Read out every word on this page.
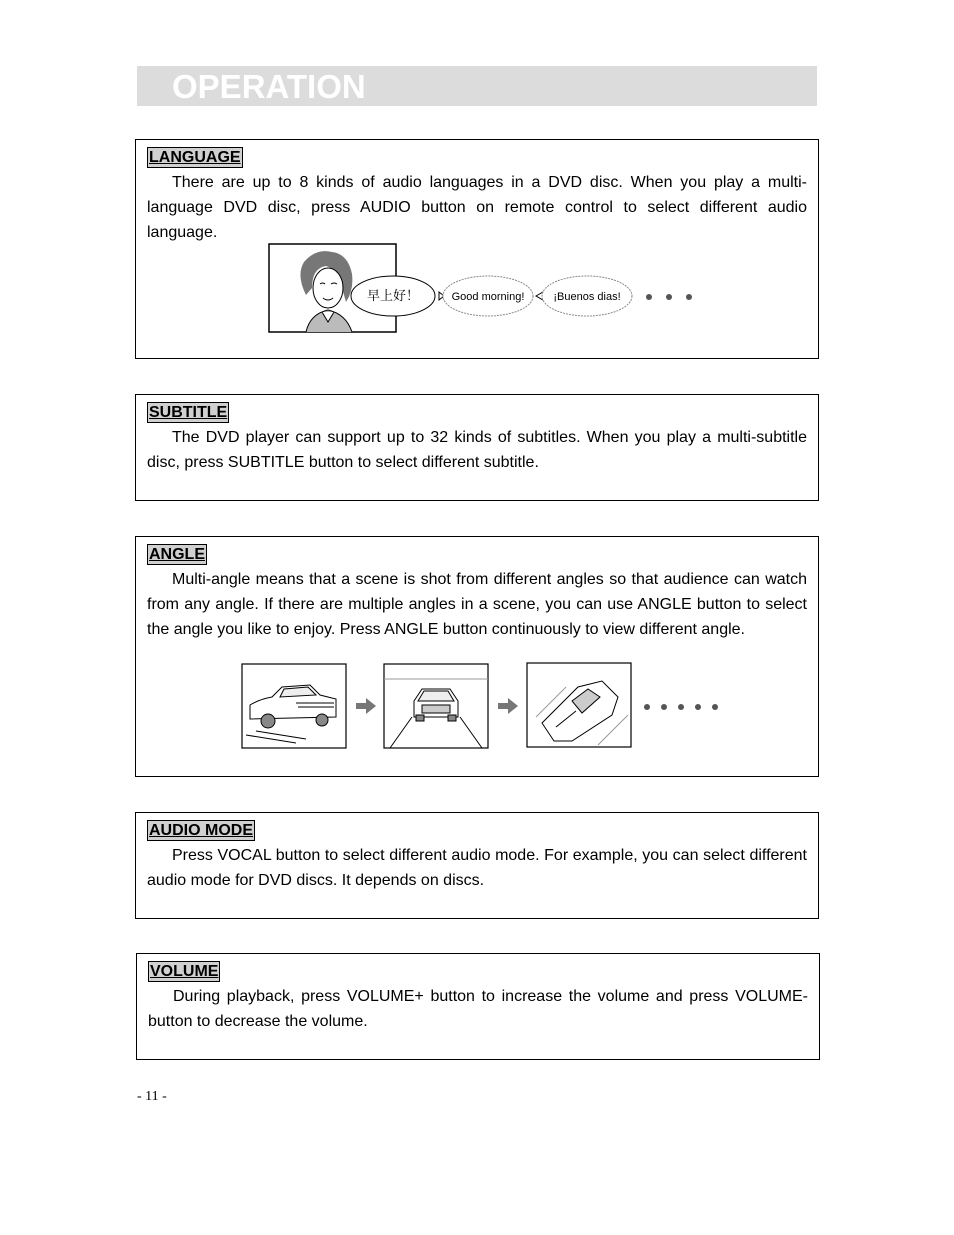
OPERATION
LANGUAGE

There are up to 8 kinds of audio languages in a DVD disc. When you play a multi-language DVD disc, press AUDIO button on remote control to select different audio language.

早上好！	Good morning!	¡Buenos dias!
SUBTITLE

The DVD player can support up to 32 kinds of subtitles. When you play a multi-subtitle disc, press SUBTITLE button to select different subtitle.

ANGLE

Multi-angle means that a scene is shot from different angles so that audience can watch from any angle. If there are multiple angles in a scene, you can use ANGLE button to select the angle you like to enjoy. Press ANGLE button continuously to view different angle.

AUDIO MODE

Press VOCAL button to select different audio mode. For example, you can select different audio mode for DVD discs. It depends on discs.

VOLUME

During playback, press VOLUME+ button to increase the volume and press VOLUME- button to decrease the volume.

- 11 -
